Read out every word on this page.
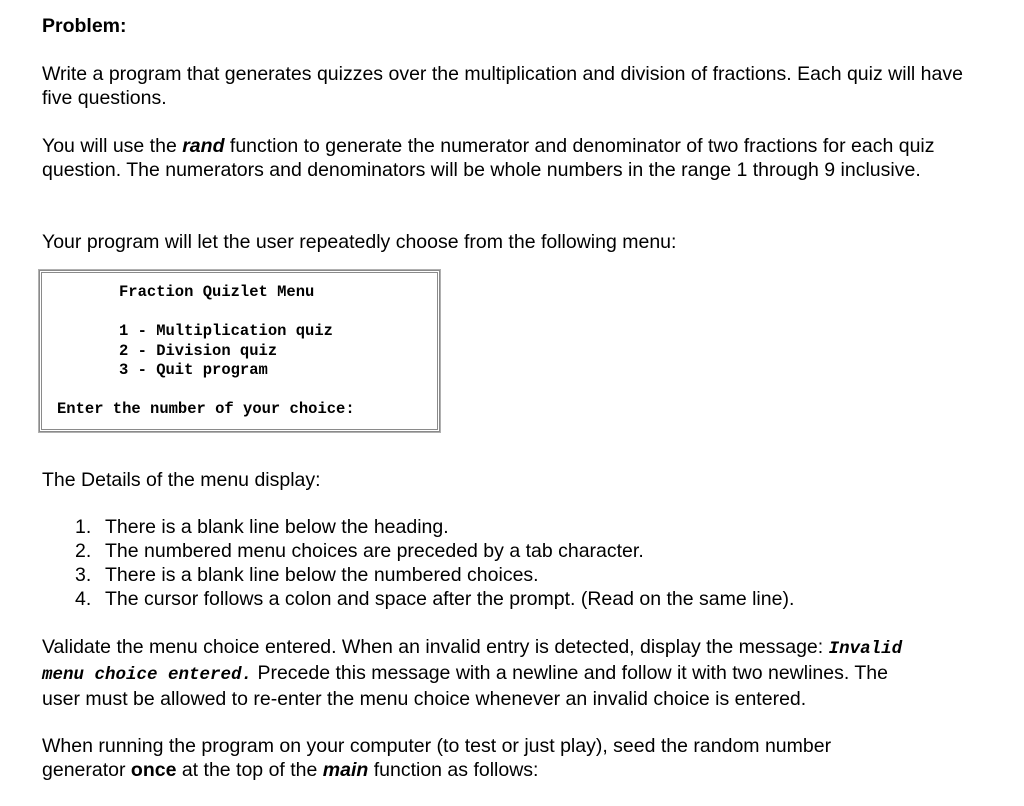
Problem:

Write a program that generates quizzes over the multiplication and division of fractions. Each quiz will have five questions.

You will use the rand function to generate the numerator and denominator of two fractions for each quiz question. The numerators and denominators will be whole numbers in the range 1 through 9 inclusive.

Your program will let the user repeatedly choose from the following menu:

Fraction Quizlet Menu
1 - Multiplication quiz
2 - Division quiz
3 - Quit program
Enter the number of your choice:

The Details of the menu display:

1. There is a blank line below the heading.
2. The numbered menu choices are preceded by a tab character.
3. There is a blank line below the numbered choices.
4. The cursor follows a colon and space after the prompt. (Read on the same line).
Validate the menu choice entered. When an invalid entry is detected, display the message: Invalid
menu choice entered. Precede this message with a newline and follow it with two newlines. The
user must be allowed to re-enter the menu choice whenever an invalid choice is entered.
When running the program on your computer (to test or just play), seed the random number
generator once at the top of the main function as follows:
